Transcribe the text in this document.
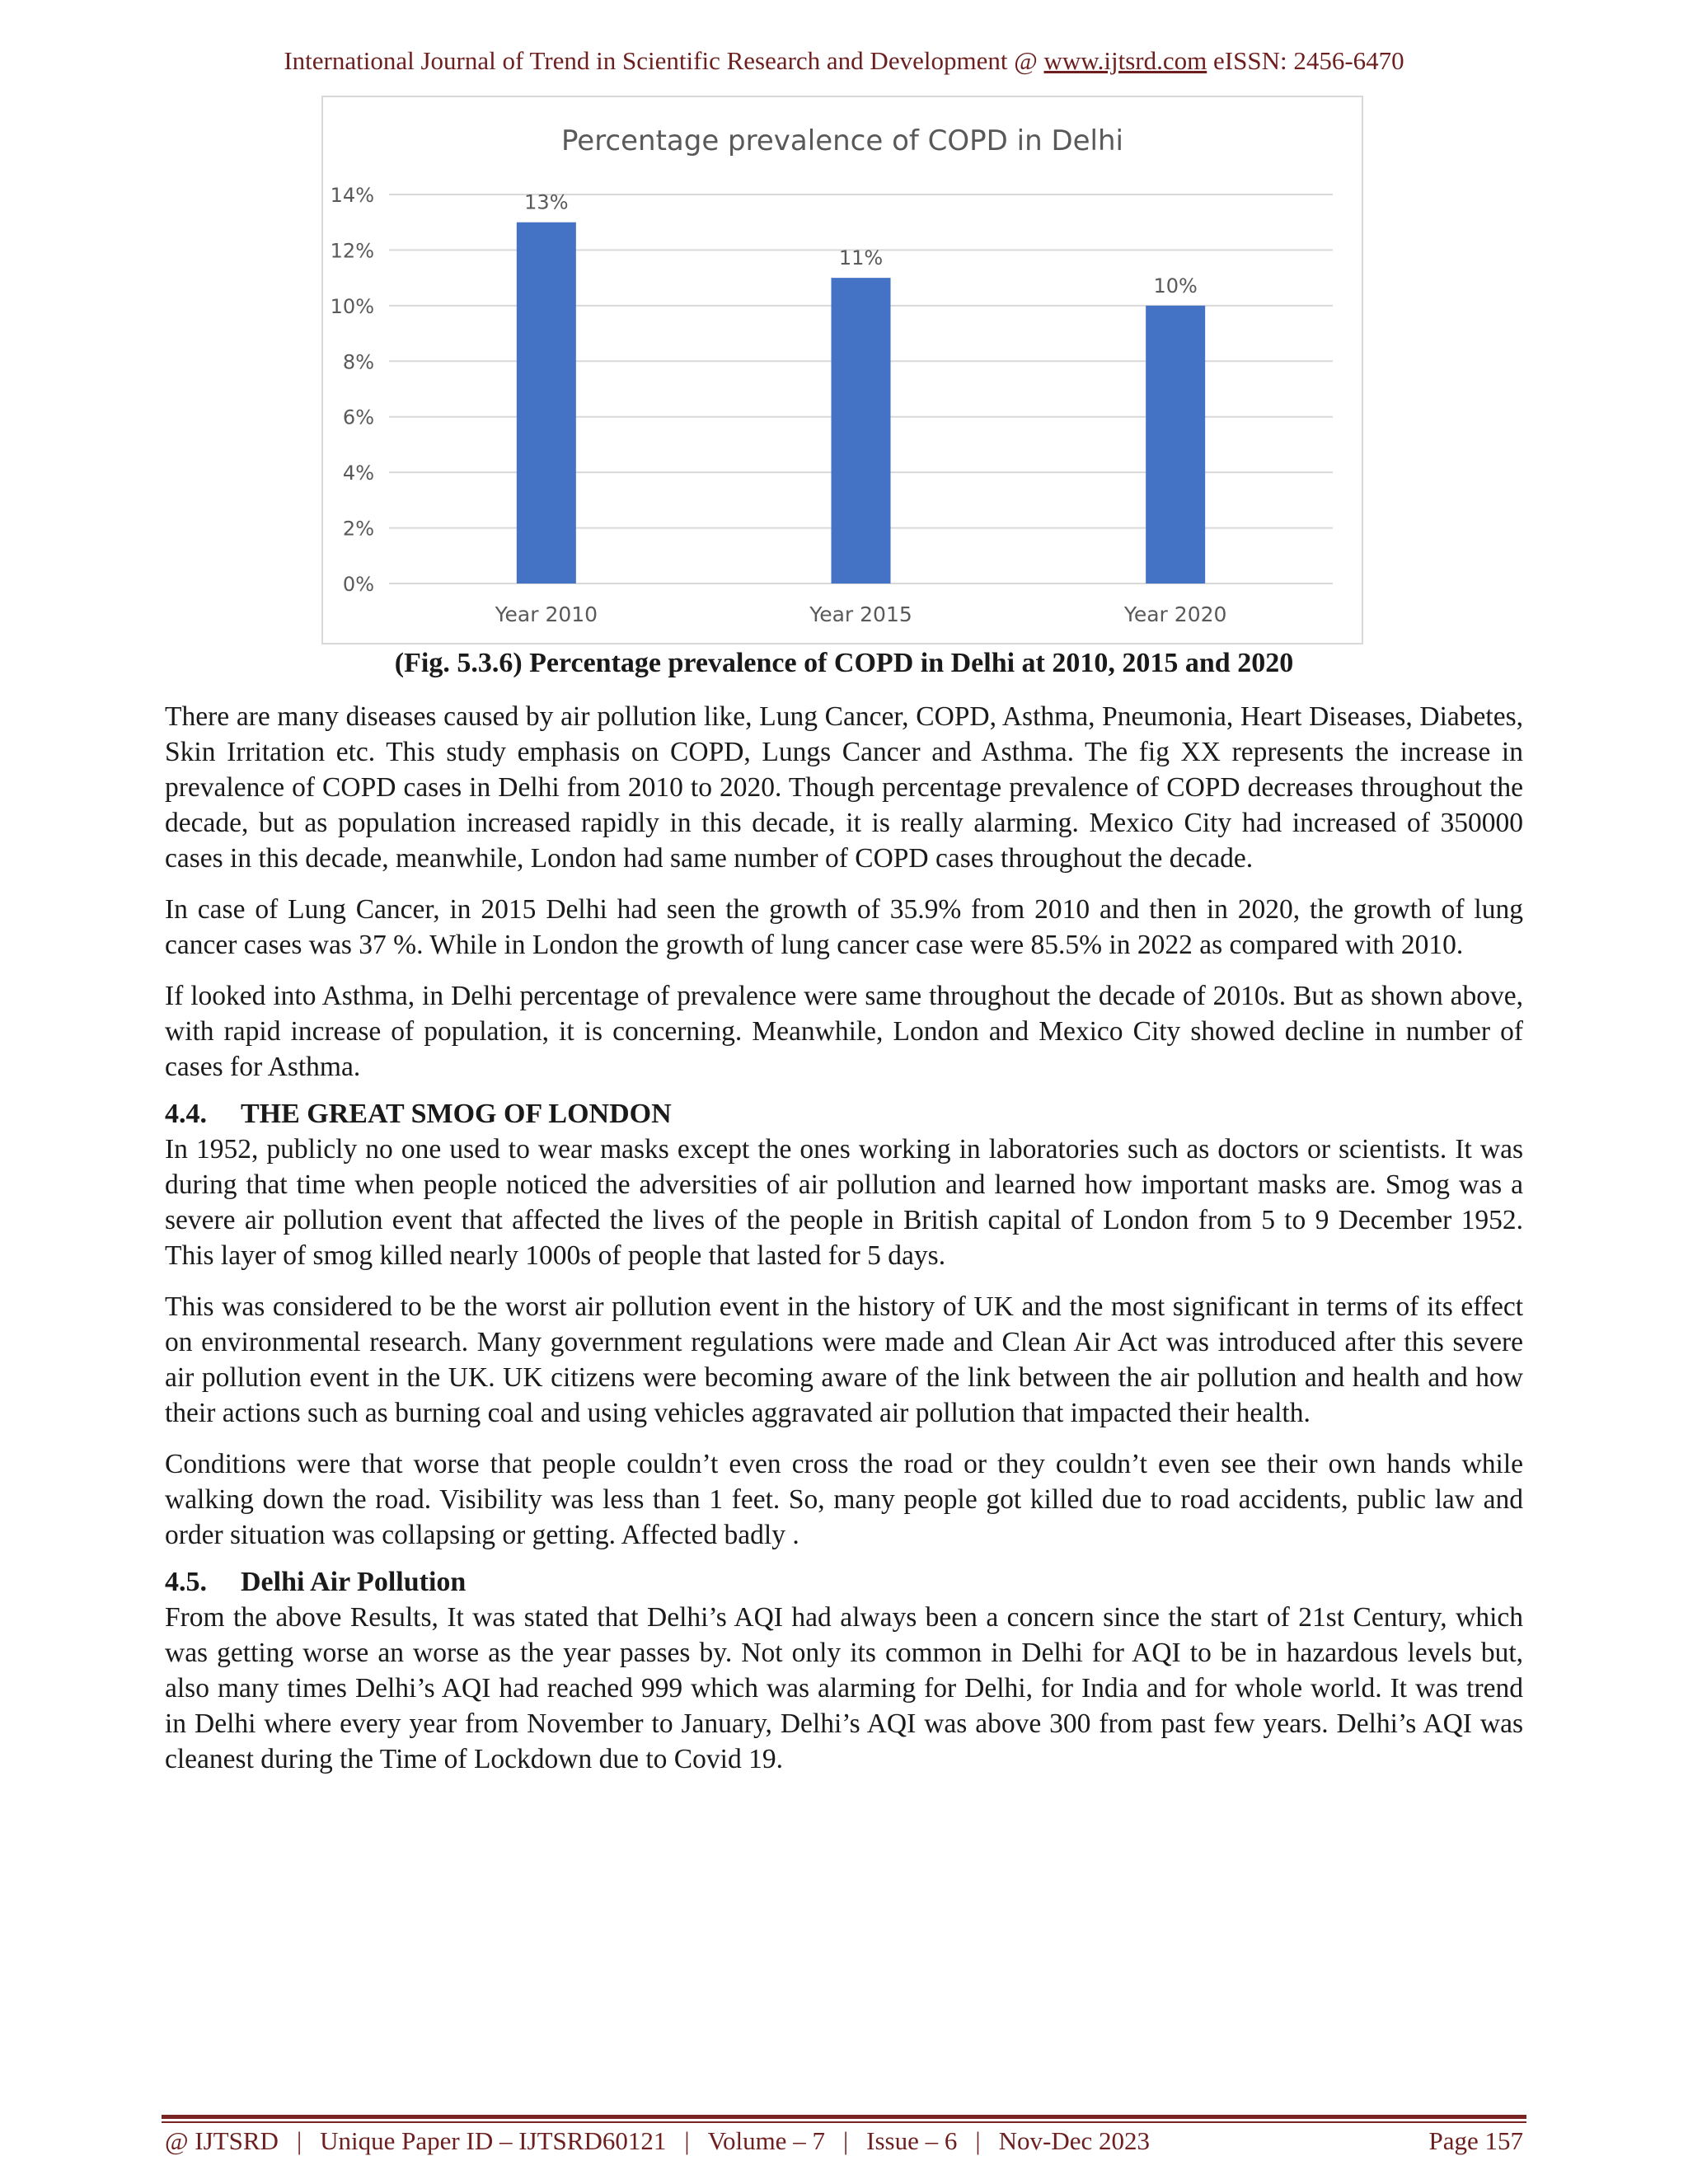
International Journal of Trend in Scientific Research and Development @ www.ijtsrd.com eISSN: 2456-6470
Percentage prevalence of COPD in Delhi
0%
2%
4%
6%
8%
10%
12%
14%	13%
11%
10%
Year 2010	Year 2015	Year 2020
(Fig. 5.3.6) Percentage prevalence of COPD in Delhi at 2010, 2015 and 2020

There are many diseases caused by air pollution like, Lung Cancer, COPD, Asthma, Pneumonia, Heart Diseases, Diabetes, Skin Irritation etc. This study emphasis on COPD, Lungs Cancer and Asthma. The fig XX represents the increase in prevalence of COPD cases in Delhi from 2010 to 2020. Though percentage prevalence of COPD decreases throughout the decade, but as population increased rapidly in this decade, it is really alarming. Mexico City had increased of 350000 cases in this decade, meanwhile, London had same number of COPD cases throughout the decade.

In case of Lung Cancer, in 2015 Delhi had seen the growth of 35.9% from 2010 and then in 2020, the growth of lung cancer cases was 37 %. While in London the growth of lung cancer case were 85.5% in 2022 as compared with 2010.

If looked into Asthma, in Delhi percentage of prevalence were same throughout the decade of 2010s. But as shown above, with rapid increase of population, it is concerning. Meanwhile, London and Mexico City showed decline in number of cases for Asthma.

4.4. THE GREAT SMOG OF LONDON

In 1952, publicly no one used to wear masks except the ones working in laboratories such as doctors or scientists. It was during that time when people noticed the adversities of air pollution and learned how important masks are. Smog was a severe air pollution event that affected the lives of the people in British capital of London from 5 to 9 December 1952. This layer of smog killed nearly 1000s of people that lasted for 5 days.

This was considered to be the worst air pollution event in the history of UK and the most significant in terms of its effect on environmental research. Many government regulations were made and Clean Air Act was introduced after this severe air pollution event in the UK. UK citizens were becoming aware of the link between the air pollution and health and how their actions such as burning coal and using vehicles aggravated air pollution that impacted their health.

Conditions were that worse that people couldn’t even cross the road or they couldn’t even see their own hands while walking down the road. Visibility was less than 1 feet. So, many people got killed due to road accidents, public law and order situation was collapsing or getting. Affected badly .

4.5. Delhi Air Pollution

From the above Results, It was stated that Delhi’s AQI had always been a concern since the start of 21st Century, which was getting worse an worse as the year passes by. Not only its common in Delhi for AQI to be in hazardous levels but, also many times Delhi’s AQI had reached 999 which was alarming for Delhi, for India and for whole world. It was trend in Delhi where every year from November to January, Delhi’s AQI was above 300 from past few years. Delhi’s AQI was cleanest during the Time of Lockdown due to Covid 19.

@ IJTSRD | Unique Paper ID – IJTSRD60121 | Volume – 7 | Issue – 6 | Nov-Dec 2023	Page 157
